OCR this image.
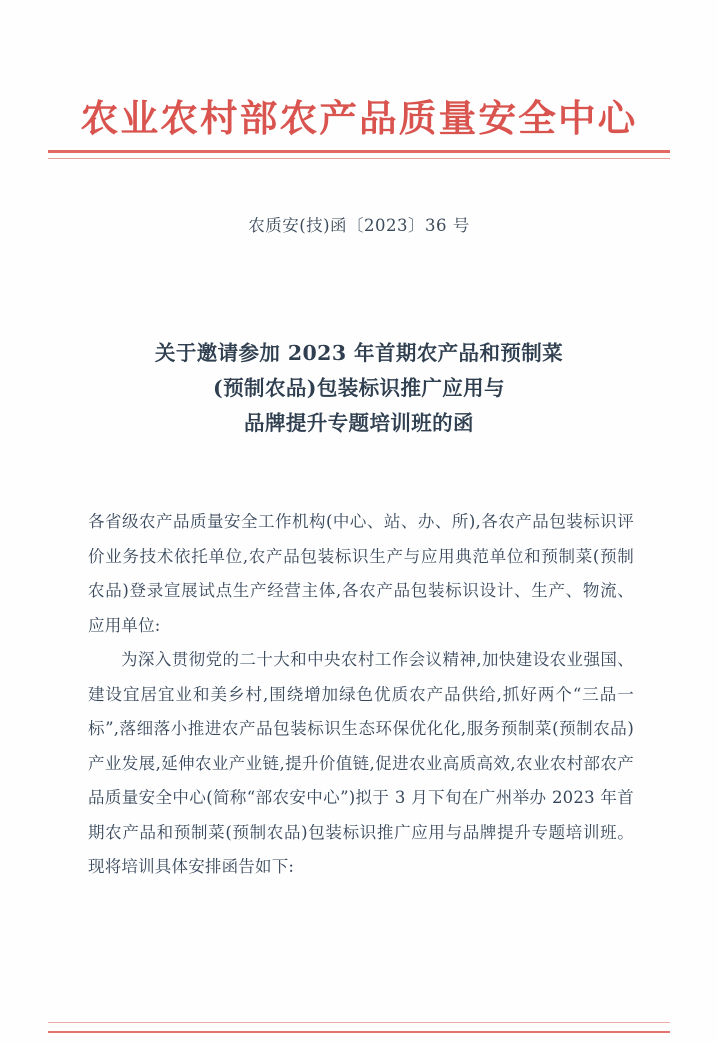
农业农村部农产品质量安全中心
农质安(技)函〔2023〕36 号
关于邀请参加 2023 年首期农产品和预制菜
(预制农品)包装标识推广应用与
品牌提升专题培训班的函

各省级农产品质量安全工作机构(中心、站、办、所),各农产品包装标识评价业务技术依托单位,农产品包装标识生产与应用典范单位和预制菜(预制农品)登录宣展试点生产经营主体,各农产品包装标识设计、生产、物流、应用单位:

为深入贯彻党的二十大和中央农村工作会议精神,加快建设农业强国、建设宜居宜业和美乡村,围绕增加绿色优质农产品供给,抓好两个“三品一标”,落细落小推进农产品包装标识生态环保优化化,服务预制菜(预制农品)产业发展,延伸农业产业链,提升价值链,促进农业高质高效,农业农村部农产品质量安全中心(简称“部农安中心”)拟于 3 月下旬在广州举办 2023 年首期农产品和预制菜(预制农品)包装标识推广应用与品牌提升专题培训班。现将培训具体安排函告如下:
